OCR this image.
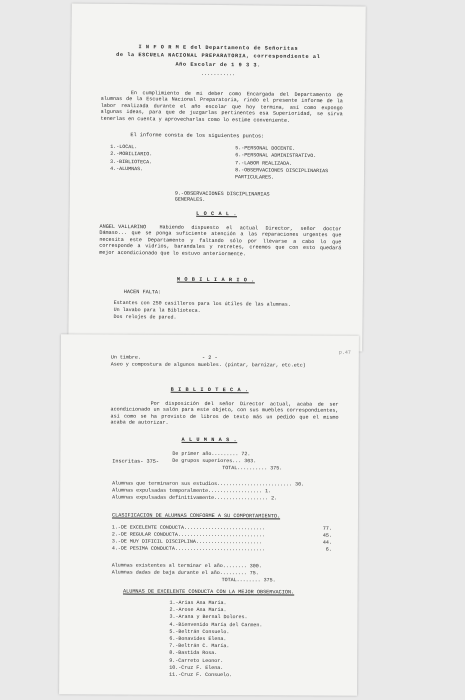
I N F O R M E del Departamento de Señoritas
de la ESCUELA NACIONAL PREPARATORIA, correspondiente al
Año Escolar de 1 9 3 3.
...........
En cumplimiento de mi deber como Encargada del Departamento de alumnas de la Escuela Nacional Preparatoria, rindo el presente informe de la labor realizada durante el año escolar que hoy termina, así como expongo algunas ideas, para que de juzgarlas pertinentes esa Superioridad, se sirva tenerlas en cuenta y aprovecharlas como lo estime conveniente.
El informe consta de los siguientes puntos:
1.-LOCAL.
2.-MOBILIARIO.
3.-BIBLIOTECA.
4.-ALUMNAS.
5.-PERSONAL DOCENTE.
6.-PERSONAL ADMINISTRATIVO.
7.-LABOR REALIZADA.
8.-OBSERVACIONES DISCIPLINARIAS PARTICULARES.
9.-OBSERVACIONES DISCIPLINARIAS GENERALES.
L O C A L .
Habiendo dispuesto el actual Director, señor doctor Dámaso... que se ponga suficiente atención a las reparaciones urgentes que necesita este Departamento y faltando sólo por llevarse a cabo lo que corresponde a vidrios, barandales y retretes, creemos que con esto quedará mejor acondicionado que lo estuvo anteriormente.
ANGEL VALLARINO
M O B I L I A R I O .
HACEN FALTA:
Estantes con 250 casilleros para los útiles de las alumnas.
Un lavabo para la Biblioteca.
Dos relojes de pared.
p.47
- 2 -
Un timbre.
Aseo y compostura de algunos muebles. (pintar, barnizar, etc.etc)
B I B L I O T E C A .
Por disposición del señor Director actual, acaba de ser acondicionado un salón para este objeto, con sus muebles correspondientes, así como se ha provisto de libros de texto más un pedido que el mismo acaba de autorizar.
A L U M N A S .
Inscritas- 375-
De primer año......... 72.
De grupos superiores... 303.
TOTAL.......... 375.
Alumnas que terminaron sus estudios......................... 30.
Alumnas expulsadas temporalmente.................. 1.
Alumnas expulsadas definitivamente.................. 2.
CLASIFICACION DE ALUMNAS CONFORME A SU COMPORTAMIENTO.
1.-DE EXCELENTE CONDUCTA...........................	77.
2.-DE REGULAR CONDUCTA.............................	45.
3.-DE MUY DIFICIL DISCIPLINA......................	44.
4.-DE PESIMA CONDUCTA..............................	6.
Alumnas existentes al terminar el año........ 300.
Alumnas dadas de baja durante el año......... 75.
TOTAL........ 375.
ALUMNAS DE EXCELENTE CONDUCTA CON LA MEJOR OBSERVACION.
1.-Arias Ana María.
2.-Arose Ana María.
3.-Arana y Bernal Dolores.
4.-Bienvenido María del Carmen.
5.-Beltrán Consuelo.
6.-Bonavides Elena.
7.-Beltrán C. María.
8.-Bastida Rosa.
9.-Carreto Leonor.
10.-Cruz F. Elena.
11.-Cruz F. Consuelo.
